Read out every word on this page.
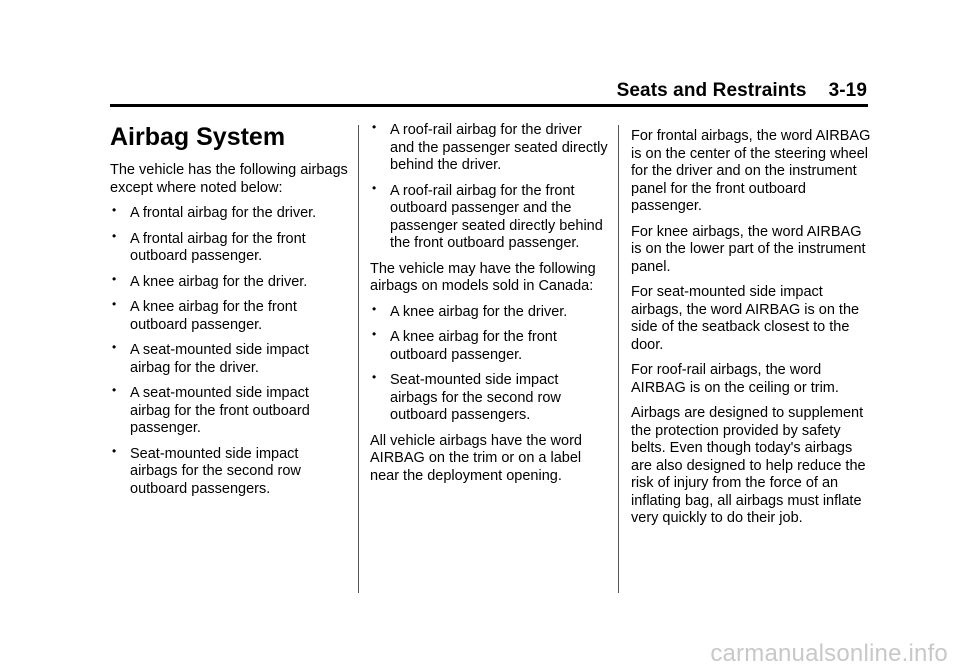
Seats and Restraints 3-19
Airbag System

The vehicle has the following airbags except where noted below:

• A frontal airbag for the driver.
• A frontal airbag for the front outboard passenger.
• A knee airbag for the driver.
• A knee airbag for the front outboard passenger.
• A seat-mounted side impact airbag for the driver.
• A seat-mounted side impact airbag for the front outboard passenger.
• Seat-mounted side impact airbags for the second row outboard passengers.
• A roof-rail airbag for the driver and the passenger seated directly behind the driver.
• A roof-rail airbag for the front outboard passenger and the passenger seated directly behind the front outboard passenger.

The vehicle may have the following airbags on models sold in Canada:

• A knee airbag for the driver.
• A knee airbag for the front outboard passenger.
• Seat-mounted side impact airbags for the second row outboard passengers.

All vehicle airbags have the word AIRBAG on the trim or on a label near the deployment opening.

For frontal airbags, the word AIRBAG is on the center of the steering wheel for the driver and on the instrument panel for the front outboard passenger.

For knee airbags, the word AIRBAG is on the lower part of the instrument panel.

For seat-mounted side impact airbags, the word AIRBAG is on the side of the seatback closest to the door.

For roof-rail airbags, the word AIRBAG is on the ceiling or trim.

Airbags are designed to supplement the protection provided by safety belts. Even though today's airbags are also designed to help reduce the risk of injury from the force of an inflating bag, all airbags must inflate very quickly to do their job.

carmanualsonline.info
